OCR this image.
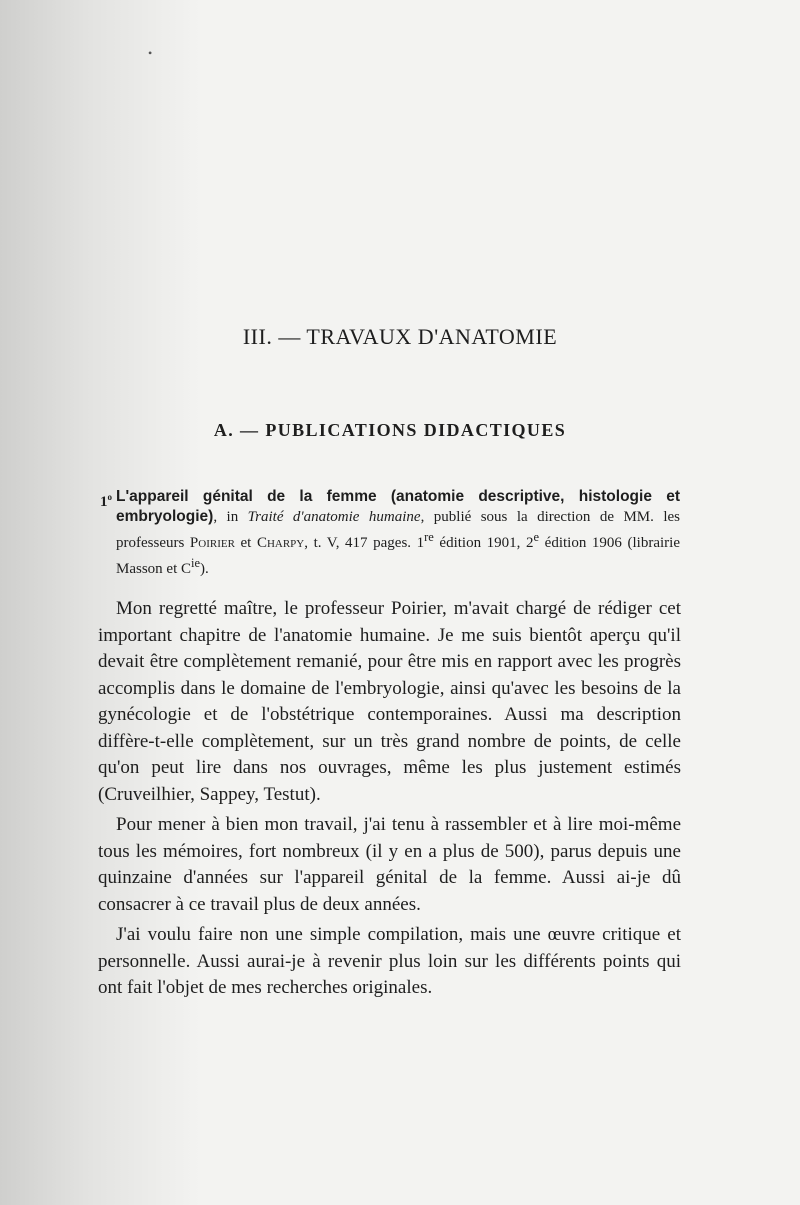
•
III. — TRAVAUX D'ANATOMIE
A. — PUBLICATIONS DIDACTIQUES
1$^o$ L'appareil génital de la femme (anatomie descriptive, histologie et embryologie), in Traité d'anatomie humaine, publié sous la direction de MM. les professeurs Poirier et Charpy, t. V, 417 pages. 1re édition 1901, 2e édition 1906 (librairie Masson et $C^{ie}$).

Mon regretté maître, le professeur Poirier, m'avait chargé de rédiger cet important chapitre de l'anatomie humaine. Je me suis bientôt aperçu qu'il devait être complètement remanié, pour être mis en rapport avec les progrès accomplis dans le domaine de l'embryologie, ainsi qu'avec les besoins de la gynécologie et de l'obstétrique contemporaines. Aussi ma description diffère-t-elle complètement, sur un très grand nombre de points, de celle qu'on peut lire dans nos ouvrages, même les plus justement estimés (Cruveilhier, Sappey, Testut).

Pour mener à bien mon travail, j'ai tenu à rassembler et à lire moi-même tous les mémoires, fort nombreux (il y en a plus de 500), parus depuis une quinzaine d'années sur l'appareil génital de la femme. Aussi ai-je dû consacrer à ce travail plus de deux années.

J'ai voulu faire non une simple compilation, mais une œuvre critique et personnelle. Aussi aurai-je à revenir plus loin sur les différents points qui ont fait l'objet de mes recherches originales.
